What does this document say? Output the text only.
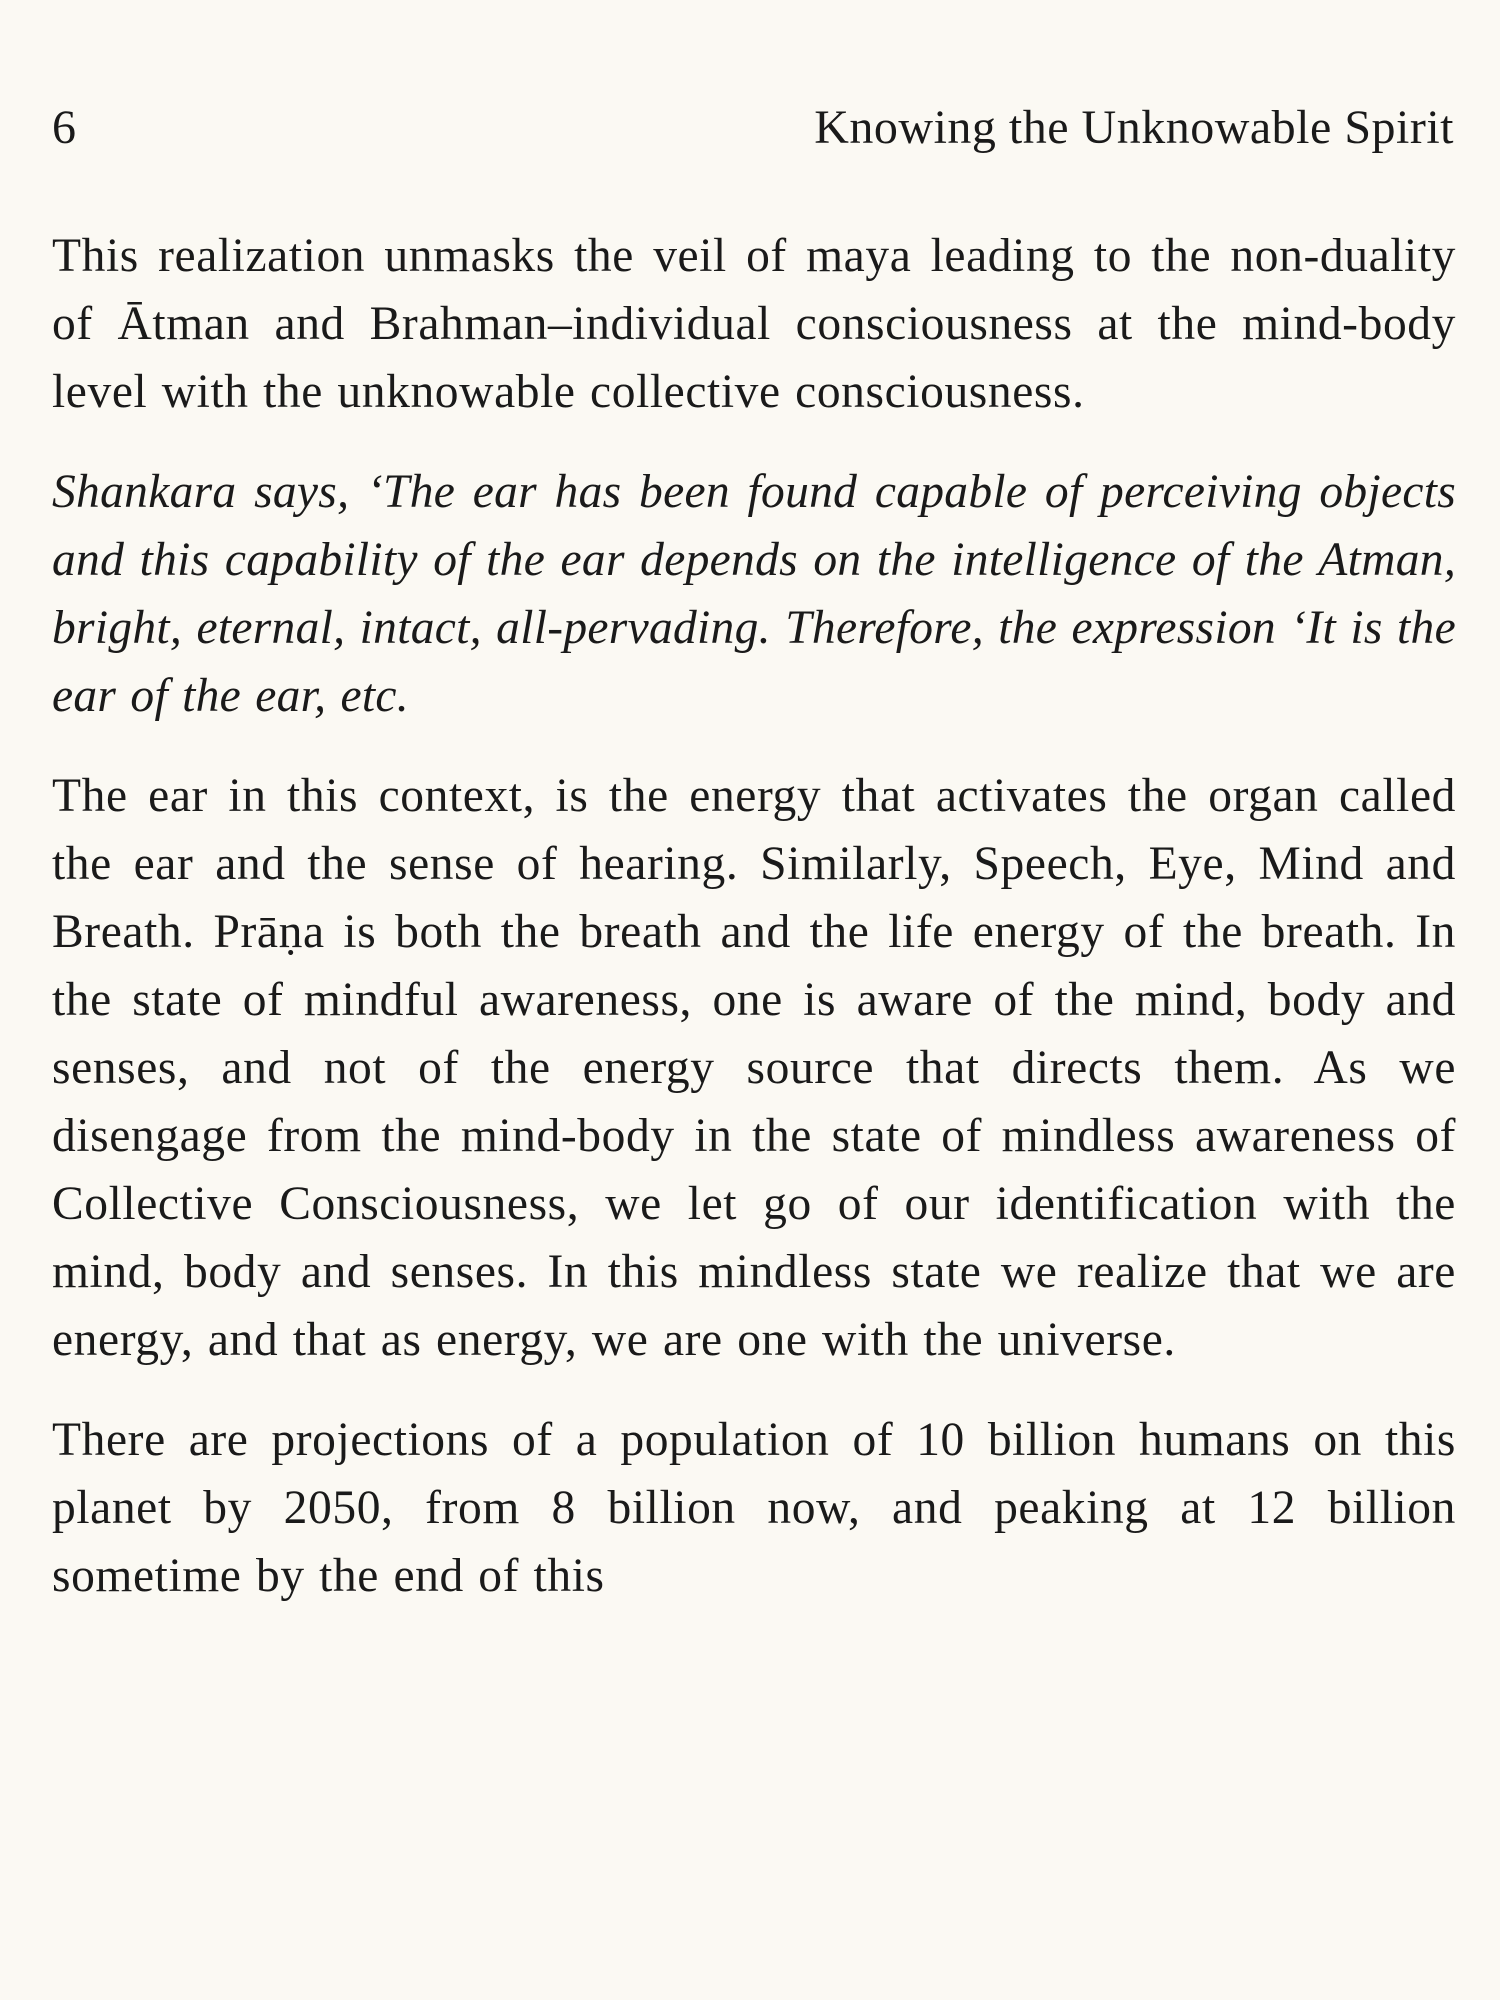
6	Knowing the Unknowable Spirit

This realization unmasks the veil of maya leading to the non-duality of Ātman and Brahman–individual consciousness at the mind-body level with the unknowable collective consciousness.

Shankara says, ‘The ear has been found capable of perceiving objects and this capability of the ear depends on the intelligence of the Atman, bright, eternal, intact, all-pervading. Therefore, the expression ‘It is the ear of the ear, etc.

The ear in this context, is the energy that activates the organ called the ear and the sense of hearing. Similarly, Speech, Eye, Mind and Breath. Prāṇa is both the breath and the life energy of the breath. In the state of mindful awareness, one is aware of the mind, body and senses, and not of the energy source that directs them. As we disengage from the mind-body in the state of mindless awareness of Collective Consciousness, we let go of our identification with the mind, body and senses. In this mindless state we realize that we are energy, and that as energy, we are one with the universe.

There are projections of a population of 10 billion humans on this planet by 2050, from 8 billion now, and peaking at 12 billion sometime by the end of this
